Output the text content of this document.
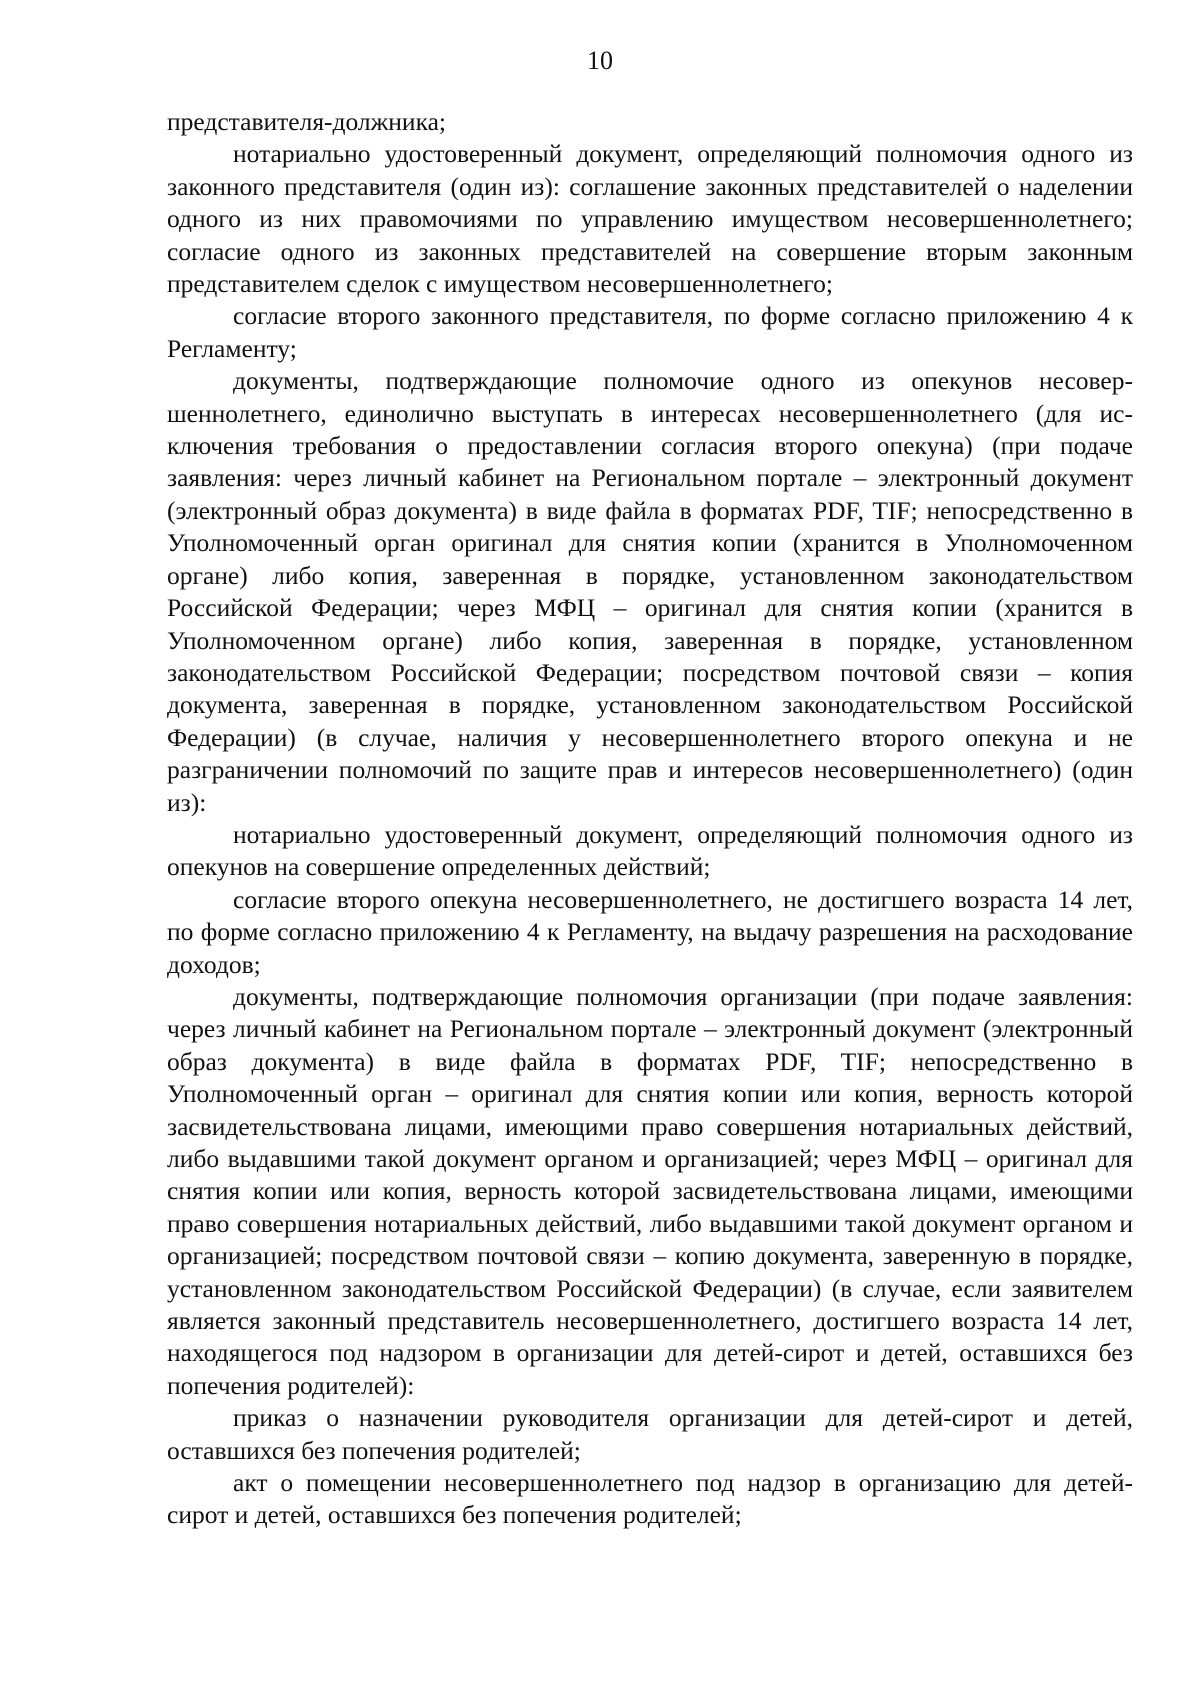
10

представителя-должника;

нотариально удостоверенный документ, определяющий полномочия одного из законного представителя (один из): соглашение законных представителей о наделении одного из них правомочиями по управлению имуществом несовершеннолетнего; согласие одного из законных представителей на совершение вторым законным представителем сделок с имуществом несовершеннолетнего;

согласие второго законного представителя, по форме согласно приложению 4 к Регламенту;

документы, подтверждающие полномочие одного из опекунов несовершеннолетнего, единолично выступать в интересах несовершеннолетнего (для исключения требования о предоставлении согласия второго опекуна) (при подаче заявления: через личный кабинет на Региональном портале – электронный документ (электронный образ документа) в виде файла в форматах PDF, TIF; непосредственно в Уполномоченный орган оригинал для снятия копии (хранится в Уполномоченном органе) либо копия, заверенная в порядке, установленном законодательством Российской Федерации; через МФЦ – оригинал для снятия копии (хранится в Уполномоченном органе) либо копия, заверенная в порядке, установленном законодательством Российской Федерации; посредством почтовой связи – копия документа, заверенная в порядке, установленном законодательством Российской Федерации) (в случае, наличия у несовершеннолетнего второго опекуна и не разграничении полномочий по защите прав и интересов несовершеннолетнего) (один из):

нотариально удостоверенный документ, определяющий полномочия одного из опекунов на совершение определенных действий;

согласие второго опекуна несовершеннолетнего, не достигшего возраста 14 лет, по форме согласно приложению 4 к Регламенту, на выдачу разрешения на расходование доходов;

документы, подтверждающие полномочия организации (при подаче заявления: через личный кабинет на Региональном портале – электронный документ (электронный образ документа) в виде файла в форматах PDF, TIF; непосредственно в Уполномоченный орган – оригинал для снятия копии или копия, верность которой засвидетельствована лицами, имеющими право совершения нотариальных действий, либо выдавшими такой документ органом и организацией; через МФЦ – оригинал для снятия копии или копия, верность которой засвидетельствована лицами, имеющими право совершения нотариальных действий, либо выдавшими такой документ органом и организацией; посредством почтовой связи – копию документа, заверенную в порядке, установленном законодательством Российской Федерации) (в случае, если заявителем является законный представитель несовершеннолетнего, достигшего возраста 14 лет, находящегося под надзором в организации для детей-сирот и детей, оставшихся без попечения родителей):

приказ о назначении руководителя организации для детей-сирот и детей, оставшихся без попечения родителей;

акт о помещении несовершеннолетнего под надзор в организацию для детей-сирот и детей, оставшихся без попечения родителей;
